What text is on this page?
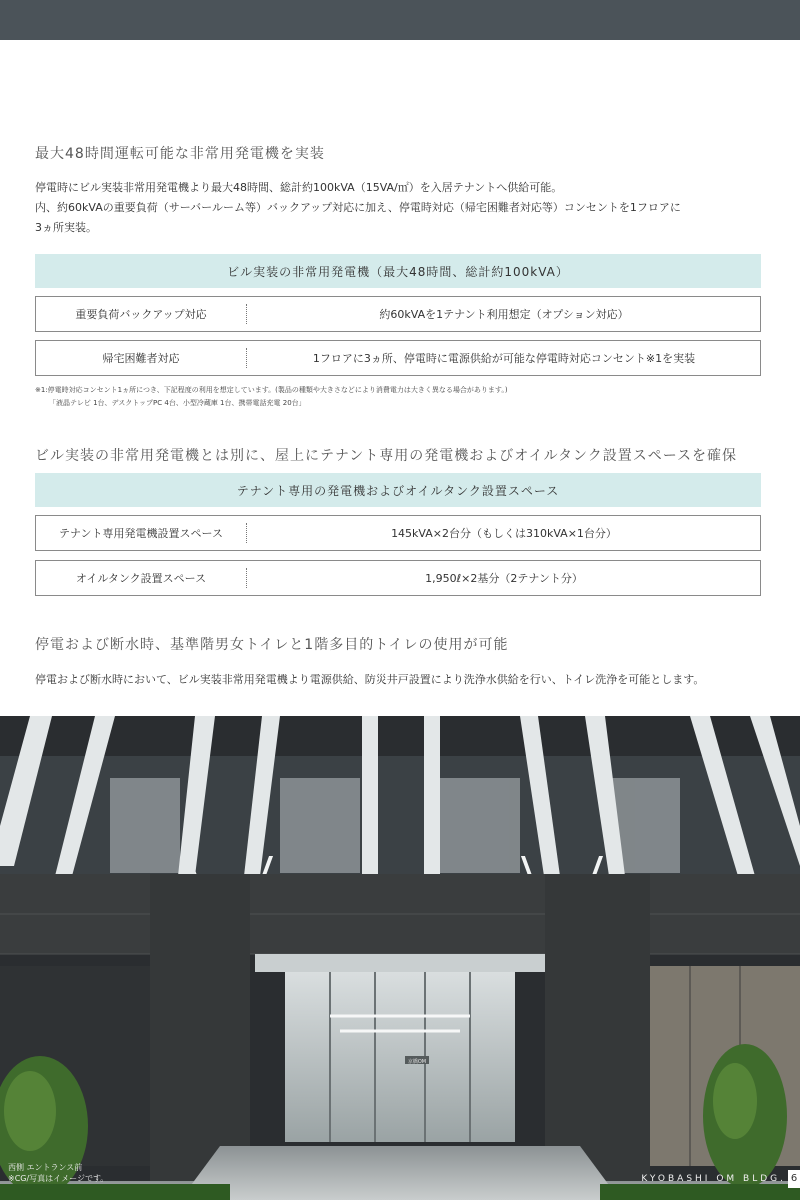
最大48時間運転可能な非常用発電機を実装
停電時にビル実装非常用発電機より最大48時間、総計約100kVA（15VA/㎡）を入居テナントへ供給可能。
内、約60kVAの重要負荷（サーバールーム等）バックアップ対応に加え、停電時対応（帰宅困難者対応等）コンセントを1フロアに
3ヵ所実装。
ビル実装の非常用発電機（最大48時間、総計約100kVA）
重要負荷バックアップ対応	約60kVAを1テナント利用想定（オプション対応）
帰宅困難者対応	1フロアに3ヵ所、停電時に電源供給が可能な停電時対応コンセント※1を実装
※1:停電時対応コンセント1ヵ所につき、下記程度の利用を想定しています。(製品の種類や大きさなどにより消費電力は大きく異なる場合があります。)
「液晶テレビ 1台、デスクトップPC 4台、小型冷蔵庫 1台、携帯電話充電 20台」
ビル実装の非常用発電機とは別に、屋上にテナント専用の発電機およびオイルタンク設置スペースを確保
テナント専用の発電機およびオイルタンク設置スペース
テナント専用発電機設置スペース	145kVA×2台分（もしくは310kVA×1台分）
オイルタンク設置スペース	1,950ℓ×2基分（2テナント分）
停電および断水時、基準階男女トイレと1階多目的トイレの使用が可能
停電および断水時において、ビル実装非常用発電機より電源供給、防災井戸設置により洗浄水供給を行い、トイレ洗浄を可能とします。
京橋OM
西側 エントランス前
※CG/写真はイメージです。	KYOBASHI OM BLDG. 6
